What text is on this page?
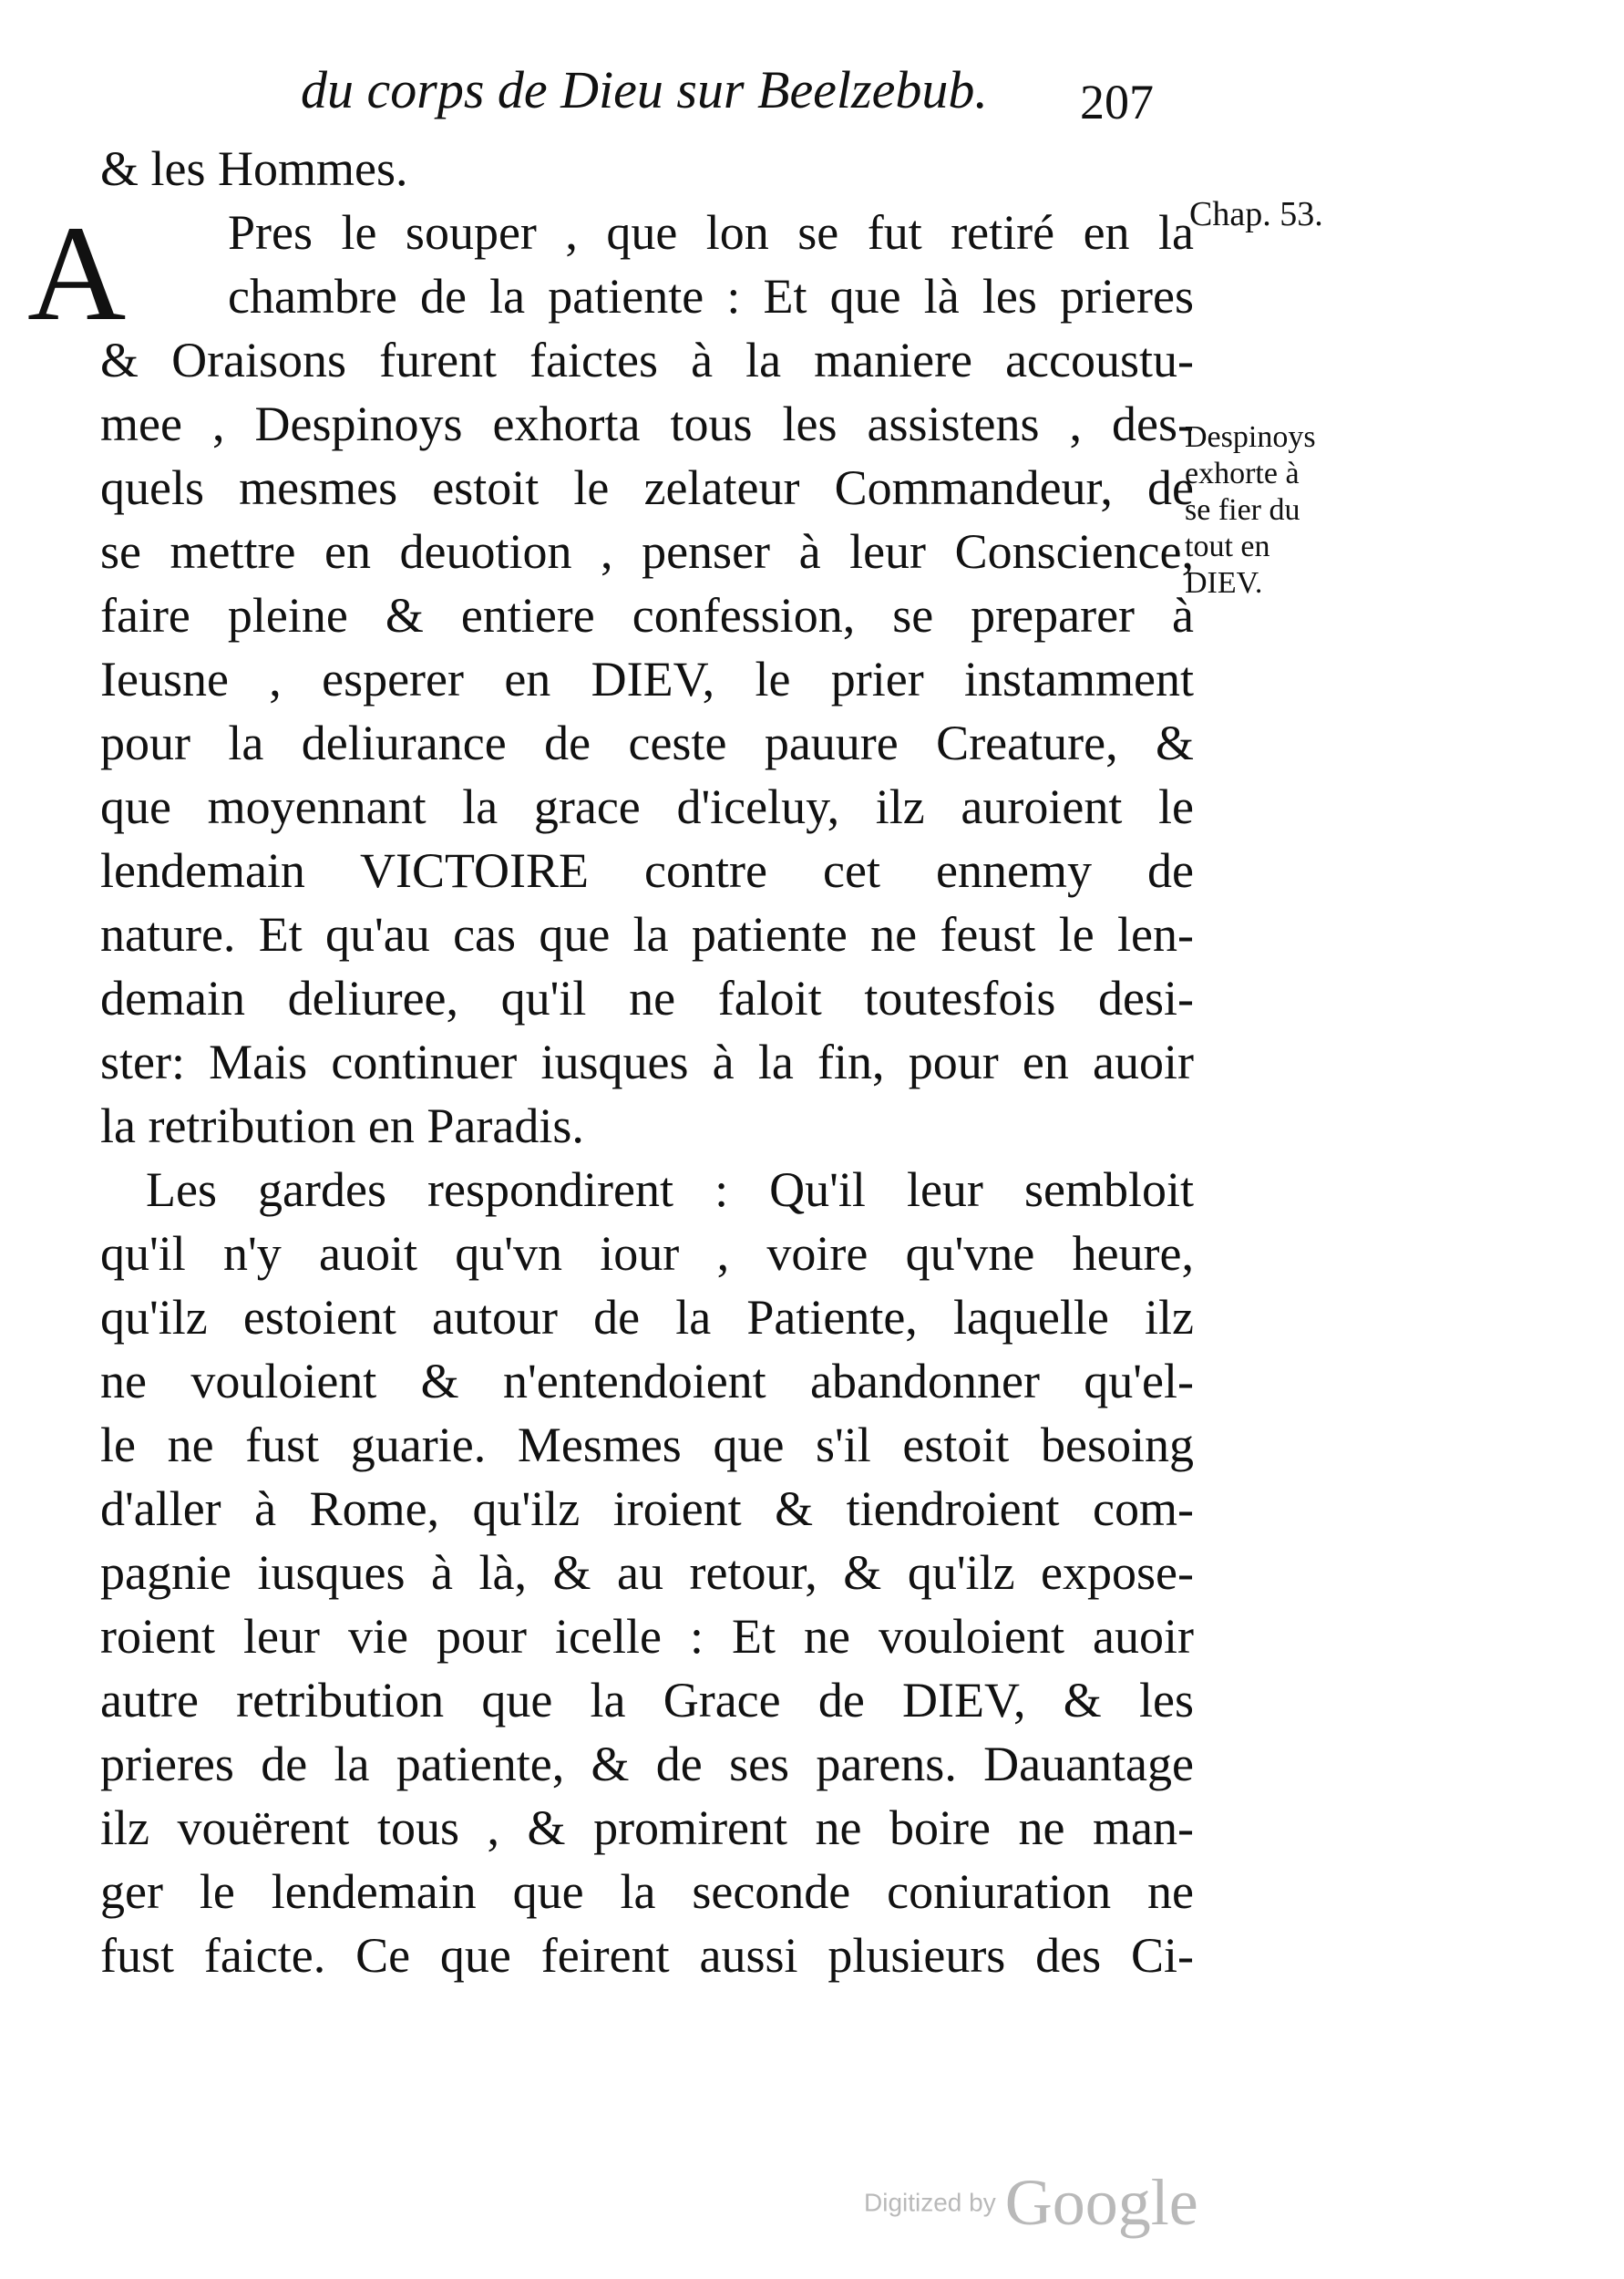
du corps de Dieu sur Beelzebub. 207
A
& les Hommes.
Pres le souper , que lon se fut retiré en la
chambre de la patiente : Et que là les prieres
& Oraisons furent faictes à la maniere accoustu-
mee , Despinoys exhorta tous les assistens , des-
quels mesmes estoit le zelateur Commandeur, de
se mettre en deuotion , penser à leur Conscience,
faire pleine & entiere confession, se preparer à
Ieusne , esperer en DIEV, le prier instamment
pour la deliurance de ceste pauure Creature, &
que moyennant la grace d'iceluy, ilz auroient le
lendemain VICTOIRE contre cet ennemy de
nature. Et qu'au cas que la patiente ne feust le len-
demain deliuree, qu'il ne faloit toutesfois desi-
ster: Mais continuer iusques à la fin, pour en auoir
la retribution en Paradis.
Les gardes respondirent : Qu'il leur sembloit
qu'il n'y auoit qu'vn iour , voire qu'vne heure,
qu'ilz estoient autour de la Patiente, laquelle ilz
ne vouloient & n'entendoient abandonner qu'el-
le ne fust guarie. Mesmes que s'il estoit besoing
d'aller à Rome, qu'ilz iroient & tiendroient com-
pagnie iusques à là, & au retour, & qu'ilz expose-
roient leur vie pour icelle : Et ne vouloient auoir
autre retribution que la Grace de DIEV, & les
prieres de la patiente, & de ses parens. Dauantage
ilz vouërent tous , & promirent ne boire ne man-
ger le lendemain que la seconde coniuration ne
fust faicte. Ce que feirent aussi plusieurs des Ci-
Chap. 53.
Despinoys
exhorte à
se fier du
tout en
DIEV.
Digitized by Google
